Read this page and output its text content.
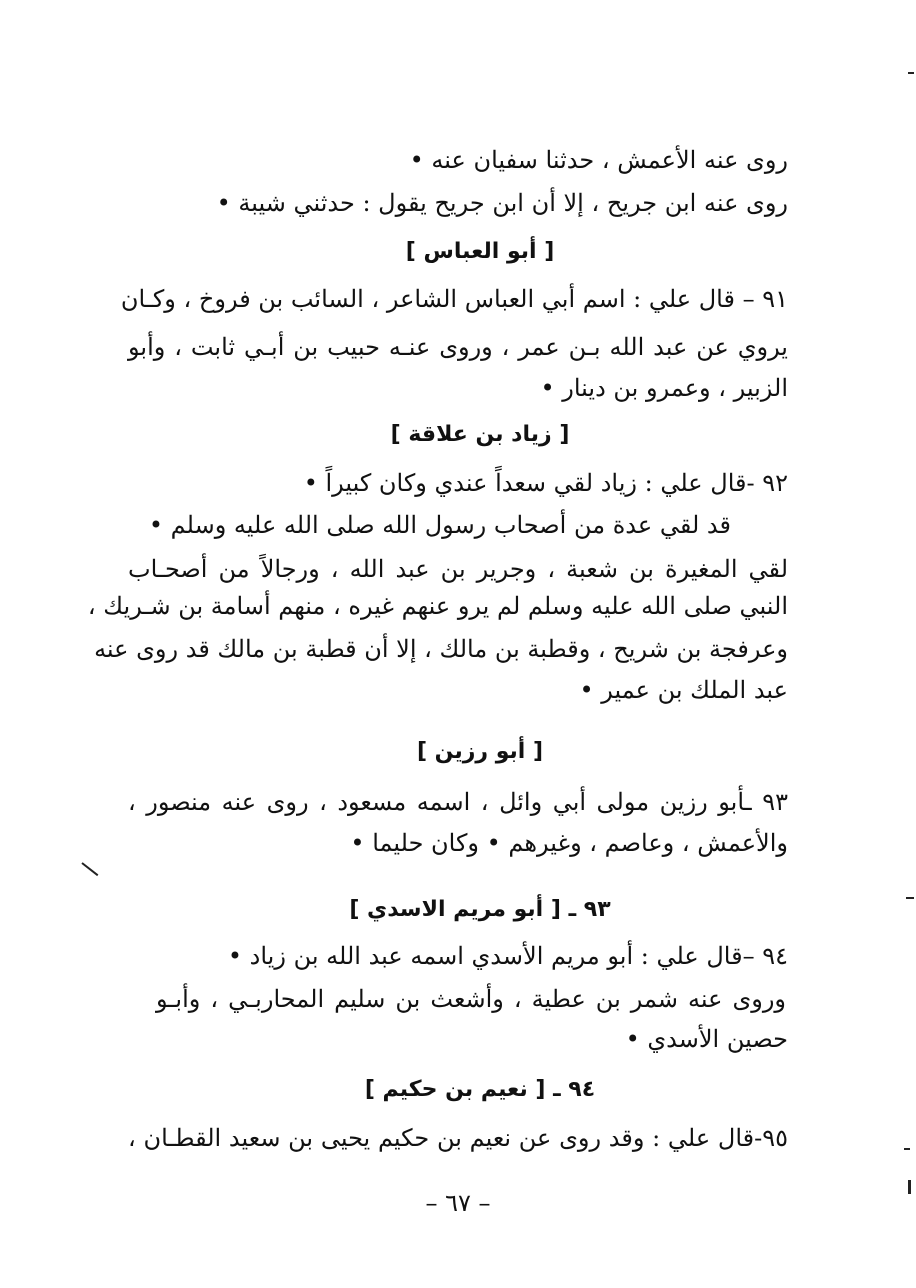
روى عنه الأعمش ، حدثنا سفيان عنه •
روى عنه ابن جريح ، إلا أن ابن جريح يقول : حدثني شيبة •
[ أبو العباس ]
٩١ – قال علي : اسم أبي العباس الشاعر ، السائب بن فروخ ، وكـان
يروي عن عبد الله بـن عمر ، وروى عنـه حبيب بن أبـي ثابت ، وأبو
الزبير ، وعمرو بن دينار •
[ زياد بن علاقة ]
٩٢ -قال علي : زياد لقي سعداً عندي وكان كبيراً •
قد لقي عدة من أصحاب رسول الله صلى الله عليه وسلم •
لقي المغيرة بن شعبة ، وجرير بن عبد الله ، ورجالاً من أصحـاب
النبي صلى الله عليه وسلم لم يرو عنهم غيره ، منهم أسامة بن شـريك ،
وعرفجة بن شريح ، وقطبة بن مالك ، إلا أن قطبة بن مالك قد روى عنه
عبد الملك بن عمير •
[ أبو رزين ]
٩٣ ـأبو رزين مولى أبي وائل ، اسمه مسعود ، روى عنه منصور ،
والأعمش ، وعاصم ، وغيرهم • وكان حليما •
٩٣ ـ [ أبو مريم الاسدي ]
٩٤ –قال علي : أبو مريم الأسدي اسمه عبد الله بن زياد •
وروى عنه شمر بن عطية ، وأشعث بن سليم المحاربـي ، وأبـو
حصين الأسدي •
٩٤ ـ [ نعيم بن حكيم ]
٩٥-قال علي : وقد روى عن نعيم بن حكيم يحيى بن سعيد القطـان ،
– ٦٧ –
